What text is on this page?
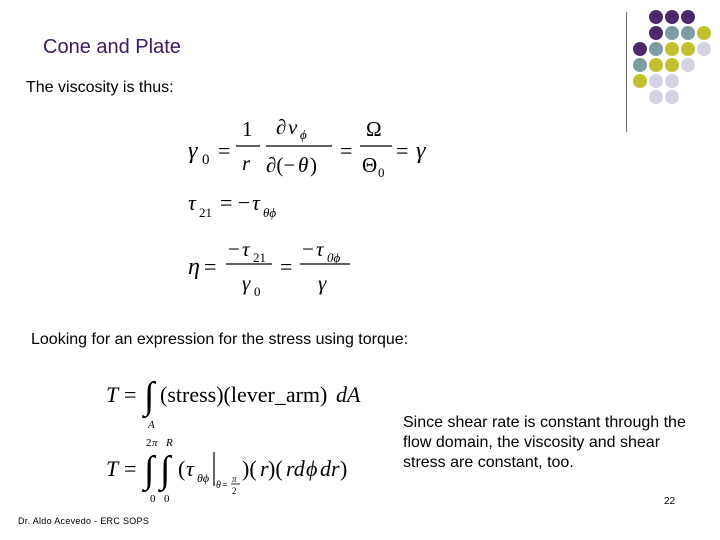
Cone and Plate
The viscosity is thus:
γ 0 =
1
r
∂ v ϕ
∂(− θ )
=
Ω
Θ 0
= γ
τ 21 = − τ θϕ
η =
− τ 21
γ 0
=
− τ 0ϕ
γ
Looking for an expression for the stress using torque:
T = ∫
A
(stress)(lever_arm) dA
T = ∫ ∫
2 π R
0 0
( τ θϕ
θ =
π
2
)( r )( rd ϕ dr )
Since shear rate is constant through the flow domain, the viscosity and shear stress are constant, too.
22
Dr. Aldo Acevedo - ERC SOPS
